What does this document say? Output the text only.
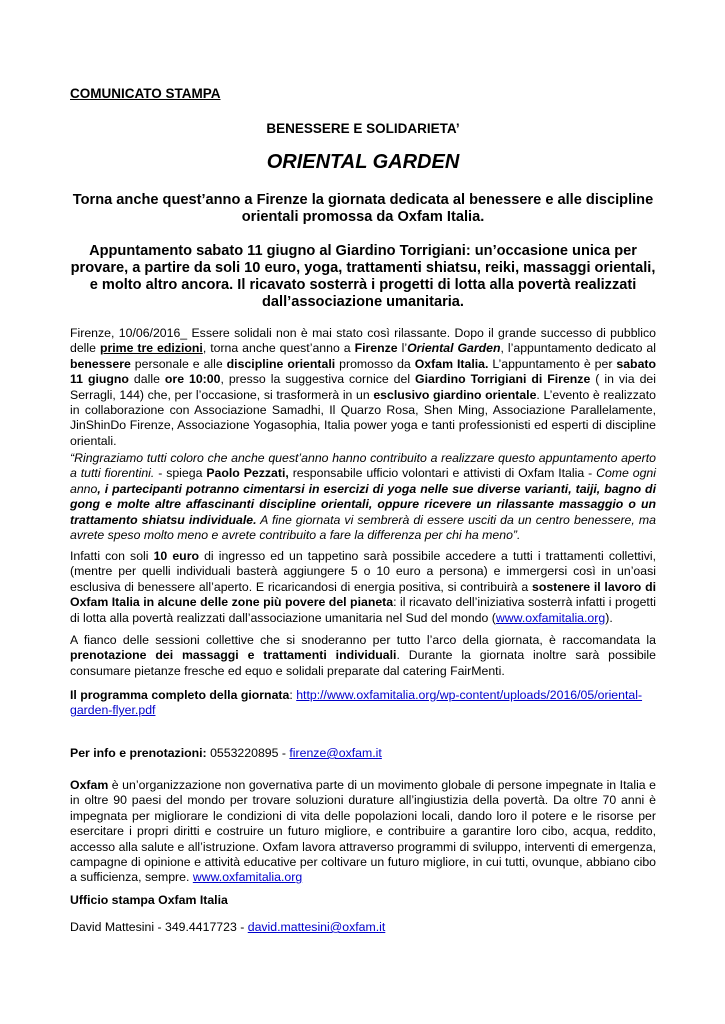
COMUNICATO STAMPA
BENESSERE E SOLIDARIETA’
ORIENTAL GARDEN
Torna anche quest’anno a Firenze la giornata dedicata al benessere e alle discipline
orientali promossa da Oxfam Italia.
Appuntamento sabato 11 giugno al Giardino Torrigiani: un’occasione unica per
provare, a partire da soli 10 euro, yoga, trattamenti shiatsu, reiki, massaggi orientali,
e molto altro ancora. Il ricavato sosterrà i progetti di lotta alla povertà realizzati
dall’associazione umanitaria.
Firenze, 10/06/2016_ Essere solidali non è mai stato così rilassante. Dopo il grande successo di pubblico delle prime tre edizioni, torna anche quest’anno a Firenze l’Oriental Garden, l’appuntamento dedicato al benessere personale e alle discipline orientali promosso da Oxfam Italia. L’appuntamento è per sabato 11 giugno dalle ore 10:00, presso la suggestiva cornice del Giardino Torrigiani di Firenze ( in via dei Serragli, 144) che, per l’occasione, si trasformerà in un esclusivo giardino orientale. L’evento è realizzato in collaborazione con Associazione Samadhi, Il Quarzo Rosa, Shen Ming, Associazione Parallelamente, JinShinDo Firenze, Associazione Yogasophia, Italia power yoga e tanti professionisti ed esperti di discipline orientali.
“Ringraziamo tutti coloro che anche quest’anno hanno contribuito a realizzare questo appuntamento aperto a tutti fiorentini. - spiega Paolo Pezzati, responsabile ufficio volontari e attivisti di Oxfam Italia - Come ogni anno, i partecipanti potranno cimentarsi in esercizi di yoga nelle sue diverse varianti, taiji, bagno di gong e molte altre affascinanti discipline orientali, oppure ricevere un rilassante massaggio o un trattamento shiatsu individuale. A fine giornata vi sembrerà di essere usciti da un centro benessere, ma avrete speso molto meno e avrete contribuito a fare la differenza per chi ha meno”.
Infatti con soli 10 euro di ingresso ed un tappetino sarà possibile accedere a tutti i trattamenti collettivi, (mentre per quelli individuali basterà aggiungere 5 o 10 euro a persona) e immergersi così in un’oasi esclusiva di benessere all’aperto. E ricaricandosi di energia positiva, si contribuirà a sostenere il lavoro di Oxfam Italia in alcune delle zone più povere del pianeta: il ricavato dell’iniziativa sosterrà infatti i progetti di lotta alla povertà realizzati dall’associazione umanitaria nel Sud del mondo (www.oxfamitalia.org).
A fianco delle sessioni collettive che si snoderanno per tutto l’arco della giornata, è raccomandata la prenotazione dei massaggi e trattamenti individuali. Durante la giornata inoltre sarà possibile consumare pietanze fresche ed equo e solidali preparate dal catering FairMenti.
Il programma completo della giornata: http://www.oxfamitalia.org/wp-content/uploads/2016/05/oriental-garden-flyer.pdf
Per info e prenotazioni: 0553220895 - firenze@oxfam.it
Oxfam è un’organizzazione non governativa parte di un movimento globale di persone impegnate in Italia e in oltre 90 paesi del mondo per trovare soluzioni durature all’ingiustizia della povertà. Da oltre 70 anni è impegnata per migliorare le condizioni di vita delle popolazioni locali, dando loro il potere e le risorse per esercitare i propri diritti e costruire un futuro migliore, e contribuire a garantire loro cibo, acqua, reddito, accesso alla salute e all’istruzione. Oxfam lavora attraverso programmi di sviluppo, interventi di emergenza, campagne di opinione e attività educative per coltivare un futuro migliore, in cui tutti, ovunque, abbiano cibo a sufficienza, sempre. www.oxfamitalia.org
Ufficio stampa Oxfam Italia
David Mattesini - 349.4417723 - david.mattesini@oxfam.it
